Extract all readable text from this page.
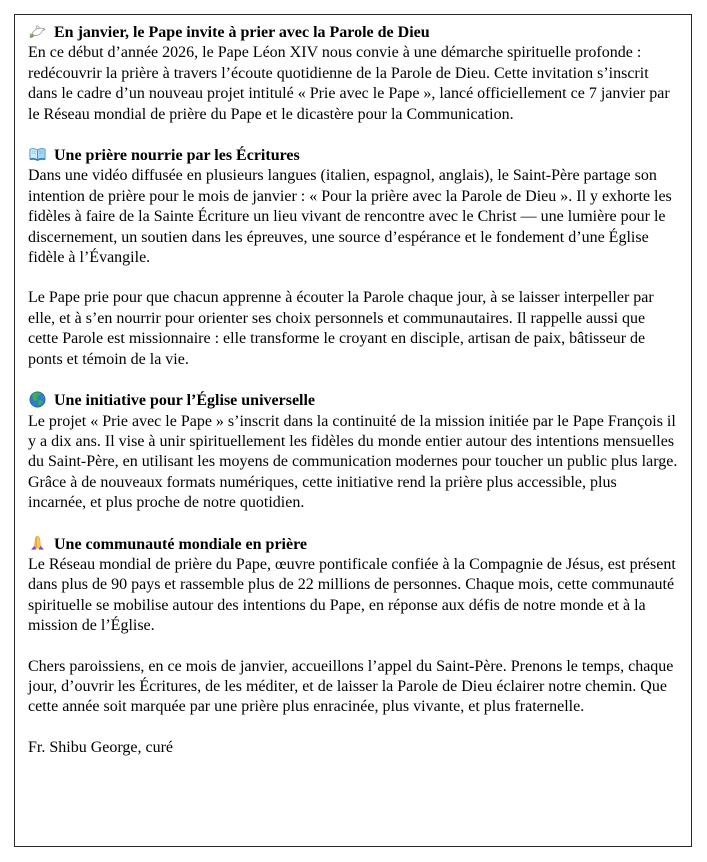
En janvier, le Pape invite à prier avec la Parole de Dieu

En ce début d’année 2026, le Pape Léon XIV nous convie à une démarche spirituelle profonde : redécouvrir la prière à travers l’écoute quotidienne de la Parole de Dieu. Cette invitation s’inscrit dans le cadre d’un nouveau projet intitulé « Prie avec le Pape », lancé officiellement ce 7 janvier par le Réseau mondial de prière du Pape et le dicastère pour la Communication.

Une prière nourrie par les Écritures

Dans une vidéo diffusée en plusieurs langues (italien, espagnol, anglais), le Saint-Père partage son intention de prière pour le mois de janvier : « Pour la prière avec la Parole de Dieu ». Il y exhorte les fidèles à faire de la Sainte Écriture un lieu vivant de rencontre avec le Christ — une lumière pour le discernement, un soutien dans les épreuves, une source d’espérance et le fondement d’une Église fidèle à l’Évangile.

Le Pape prie pour que chacun apprenne à écouter la Parole chaque jour, à se laisser interpeller par elle, et à s’en nourrir pour orienter ses choix personnels et communautaires. Il rappelle aussi que cette Parole est missionnaire : elle transforme le croyant en disciple, artisan de paix, bâtisseur de ponts et témoin de la vie.

Une initiative pour l’Église universelle

Le projet « Prie avec le Pape » s’inscrit dans la continuité de la mission initiée par le Pape François il y a dix ans. Il vise à unir spirituellement les fidèles du monde entier autour des intentions mensuelles du Saint-Père, en utilisant les moyens de communication modernes pour toucher un public plus large. Grâce à de nouveaux formats numériques, cette initiative rend la prière plus accessible, plus incarnée, et plus proche de notre quotidien.

Une communauté mondiale en prière

Le Réseau mondial de prière du Pape, œuvre pontificale confiée à la Compagnie de Jésus, est présent dans plus de 90 pays et rassemble plus de 22 millions de personnes. Chaque mois, cette communauté spirituelle se mobilise autour des intentions du Pape, en réponse aux défis de notre monde et à la mission de l’Église.

Chers paroissiens, en ce mois de janvier, accueillons l’appel du Saint-Père. Prenons le temps, chaque jour, d’ouvrir les Écritures, de les méditer, et de laisser la Parole de Dieu éclairer notre chemin. Que cette année soit marquée par une prière plus enracinée, plus vivante, et plus fraternelle.

Fr. Shibu George, curé
